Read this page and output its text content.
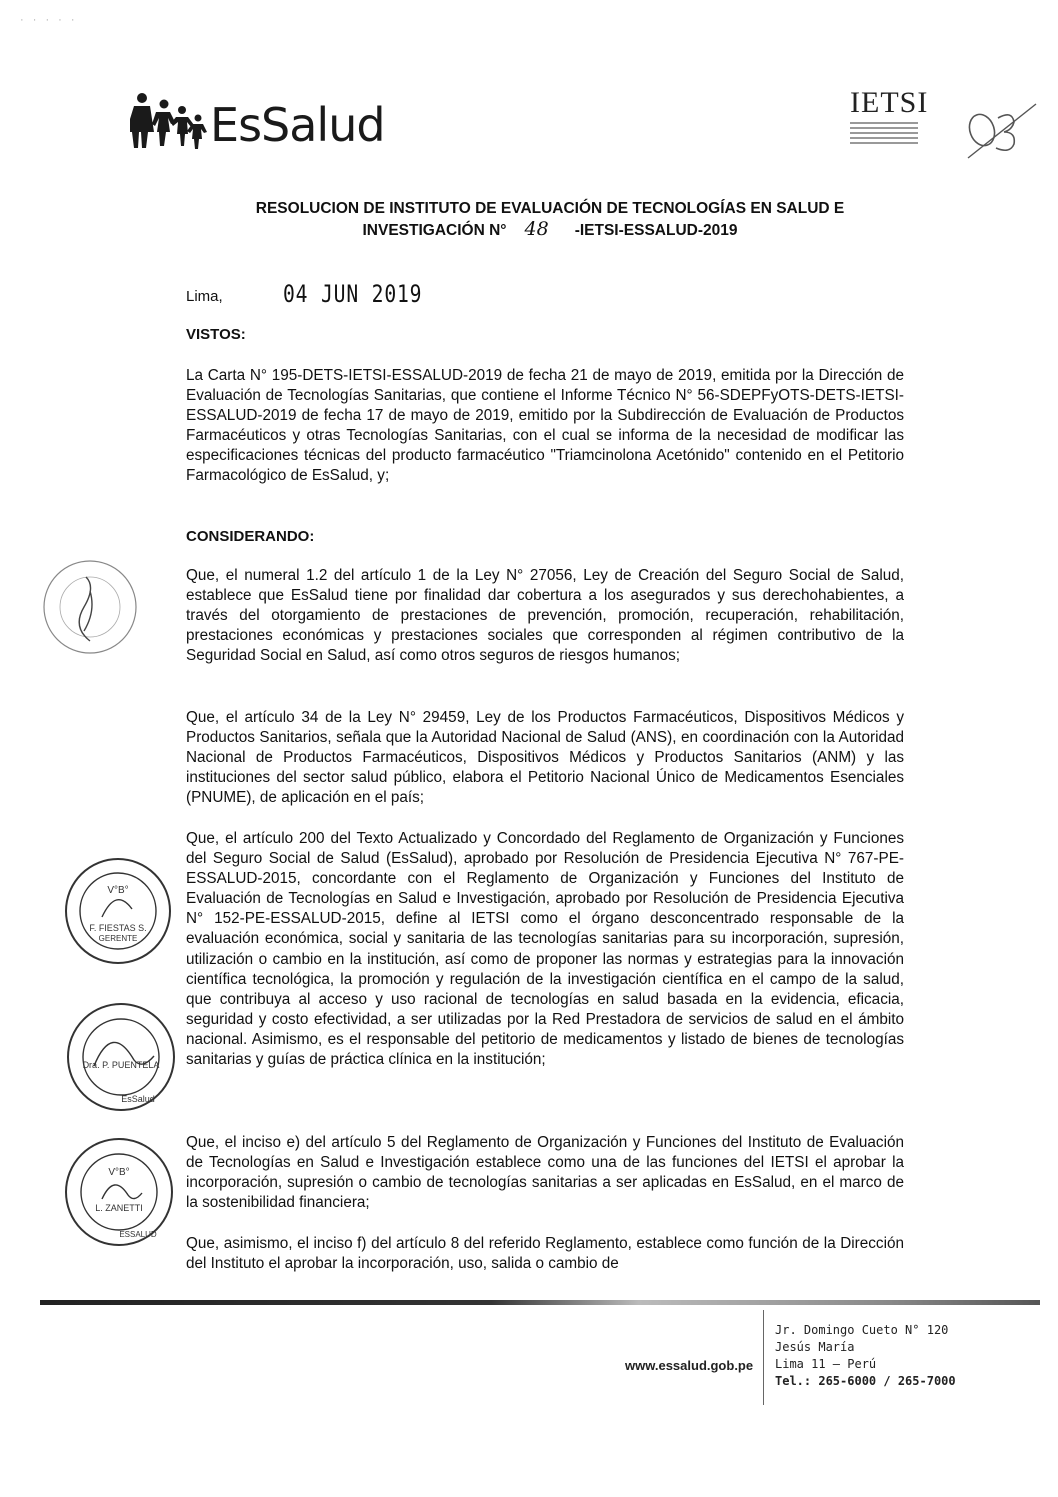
· · · · ·
EsSalud	IETSI
RESOLUCION DE INSTITUTO DE EVALUACIÓN DE TECNOLOGÍAS EN SALUD E
INVESTIGACIÓN N° 48 -IETSI-ESSALUD-2019
Lima,	04 JUN 2019
VISTOS:

La Carta N° 195-DETS-IETSI-ESSALUD-2019 de fecha 21 de mayo de 2019, emitida por la Dirección de Evaluación de Tecnologías Sanitarias, que contiene el Informe Técnico N° 56-SDEPFyOTS-DETS-IETSI-ESSALUD-2019 de fecha 17 de mayo de 2019, emitido por la Subdirección de Evaluación de Productos Farmacéuticos y otras Tecnologías Sanitarias, con el cual se informa de la necesidad de modificar las especificaciones técnicas del producto farmacéutico "Triamcinolona Acetónido" contenido en el Petitorio Farmacológico de EsSalud, y;

CONSIDERANDO:

Que, el numeral 1.2 del artículo 1 de la Ley N° 27056, Ley de Creación del Seguro Social de Salud, establece que EsSalud tiene por finalidad dar cobertura a los asegurados y sus derechohabientes, a través del otorgamiento de prestaciones de prevención, promoción, recuperación, rehabilitación, prestaciones económicas y prestaciones sociales que corresponden al régimen contributivo de la Seguridad Social en Salud, así como otros seguros de riesgos humanos;

Que, el artículo 34 de la Ley N° 29459, Ley de los Productos Farmacéuticos, Dispositivos Médicos y Productos Sanitarios, señala que la Autoridad Nacional de Salud (ANS), en coordinación con la Autoridad Nacional de Productos Farmacéuticos, Dispositivos Médicos y Productos Sanitarios (ANM) y las instituciones del sector salud público, elabora el Petitorio Nacional Único de Medicamentos Esenciales (PNUME), de aplicación en el país;

Que, el artículo 200 del Texto Actualizado y Concordado del Reglamento de Organización y Funciones del Seguro Social de Salud (EsSalud), aprobado por Resolución de Presidencia Ejecutiva N° 767-PE-ESSALUD-2015, concordante con el Reglamento de Organización y Funciones del Instituto de Evaluación de Tecnologías en Salud e Investigación, aprobado por Resolución de Presidencia Ejecutiva N° 152-PE-ESSALUD-2015, define al IETSI como el órgano desconcentrado responsable de la evaluación económica, social y sanitaria de las tecnologías sanitarias para su incorporación, supresión, utilización o cambio en la institución, así como de proponer las normas y estrategias para la innovación científica tecnológica, la promoción y regulación de la investigación científica en el campo de la salud, que contribuya al acceso y uso racional de tecnologías en salud basada en la evidencia, eficacia, seguridad y costo efectividad, a ser utilizadas por la Red Prestadora de servicios de salud en el ámbito nacional. Asimismo, es el responsable del petitorio de medicamentos y listado de bienes de tecnologías sanitarias y guías de práctica clínica en la institución;

Que, el inciso e) del artículo 5 del Reglamento de Organización y Funciones del Instituto de Evaluación de Tecnologías en Salud e Investigación establece como una de las funciones del IETSI el aprobar la incorporación, supresión o cambio de tecnologías sanitarias a ser aplicadas en EsSalud, en el marco de la sostenibilidad financiera;

Que, asimismo, el inciso f) del artículo 8 del referido Reglamento, establece como función de la Dirección del Instituto el aprobar la incorporación, uso, salida o cambio de

V°B°
F. FIESTAS S.
GERENTE
Dra. P. PUENTELA
EsSalud
V°B°
L. ZANETTI
ESSALUD
www.essalud.gob.pe
Jr. Domingo Cueto N° 120
Jesús María
Lima 11 – Perú
Tel.: 265-6000 / 265-7000
